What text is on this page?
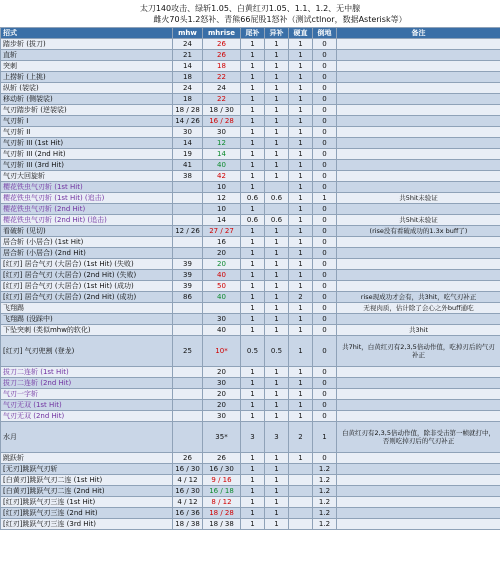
太刀140攻击、绿斩1.05、白黄红刃1.05、1.1、1.2、无中腺
雌火70头1.2怒补、青熊66屁股1怒补（测试ctlnor，数据Asterisk等）
招式	mhw	mhrise	尾补	异补	硬直	倒地	备注
踏步斩 (拔刀)	24	26	1	1	1	0	
直斩	21	26	1	1	1	0	
突刺	14	18	1	1	1	0	
上捞斩 (上挑)	18	22	1	1	1	0	
纵斩 (袈裟)	24	24	1	1	1	0	
移动斩 (侧袈裟)	18	22	1	1	1	0	
气刃踏步斩 (逆袈裟)	18 / 28	18 / 30	1	1	1	0	
气刃斩 I	14 / 26	16 / 28	1	1	1	0	
气刃斩 II	30	30	1	1	1	0	
气刃斩 III (1st Hit)	14	12	1	1	1	0	
气刃斩 III (2nd Hit)	19	14	1	1	1	0	
气刃斩 III (3rd Hit)	41	40	1	1	1	0	
气刃大回旋斩	38	42	1	1	1	0	
樱花铁虫气刃斩 (1st Hit)		10	1		1	0	
樱花铁虫气刃斩 (1st Hit) (追击)		12	0.6	0.6	1	1	共5hit未验证
樱花铁虫气刃斩 (2nd Hit)		10	1		1	0	
樱花铁虫气刃斩 (2nd Hit) (追击)		14	0.6	0.6	1	0	共5hit未验证
看破斩 (见切)	12 / 26	27 / 27	1	1	1	0	(rise没有看破成功的1.3x buff了)
居合斩 (小居合) (1st Hit)		16	1	1	1	0	
居合斩 (小居合) (2nd Hit)		20	1	1	1	0	
[红刃] 居合气刃 (大居合) (1st Hit) (失败)	39	20	1	1	1	0	
[红刃] 居合气刃 (大居合) (2nd Hit) (失败)	39	40	1	1	1	0	
[红刃] 居合气刃 (大居合) (1st Hit) (成功)	39	50	1	1	1	0	
[红刃] 居合气刃 (大居合) (2nd Hit) (成功)	86	40	1	1	2	0	rise现成功才会有，共3hit，吃气刃补正
飞翔踢			1	1	1	0	无视肉质，估计除了会心之外buff通吃
飞翔踢 (没踩中)		30	1	1	1	0	
下坠突刺 (类似mhw的软化)		40	1	1	1	0	共3hit
[红刃] 气刃兜割 (登龙)	25	10*	0.5	0.5	1	0	共7hit，白黄红刃有2,3,5倍动作值，吃掉刃后的气刃补正
拔刀二连斩 (1st Hit)		20	1	1	1	0	
拔刀二连斩 (2nd Hit)		30	1	1	1	0	
气刃一字斩		20	1	1	1	0	
气刃无双 (1st Hit)		20	1	1	1	0	
气刃无双 (2nd Hit)		30	1	1	1	0	
水月		35*	3	3	2	1	白黄红刃有2,3,5倍动作值，除非受击第一帧就打中，否则吃掉刃后的气刃补正
跳跃斩	26	26	1	1	1	0	
[无刃]跳跃气刃斩	16 / 30	16 / 30	1	1		1.2	
[白黄刃]跳跃气刃二连 (1st Hit)	4 / 12	9 / 16	1	1		1.2	
[白黄刃]跳跃气刃二连 (2nd Hit)	16 / 30	16 / 18	1	1		1.2	
[红刃]跳跃气刃三连 (1st Hit)	4 / 12	8 / 12	1	1		1.2	
[红刃]跳跃气刃三连 (2nd Hit)	16 / 36	18 / 28	1	1		1.2	
[红刃]跳跃气刃三连 (3rd Hit)	18 / 38	18 / 38	1	1		1.2	
